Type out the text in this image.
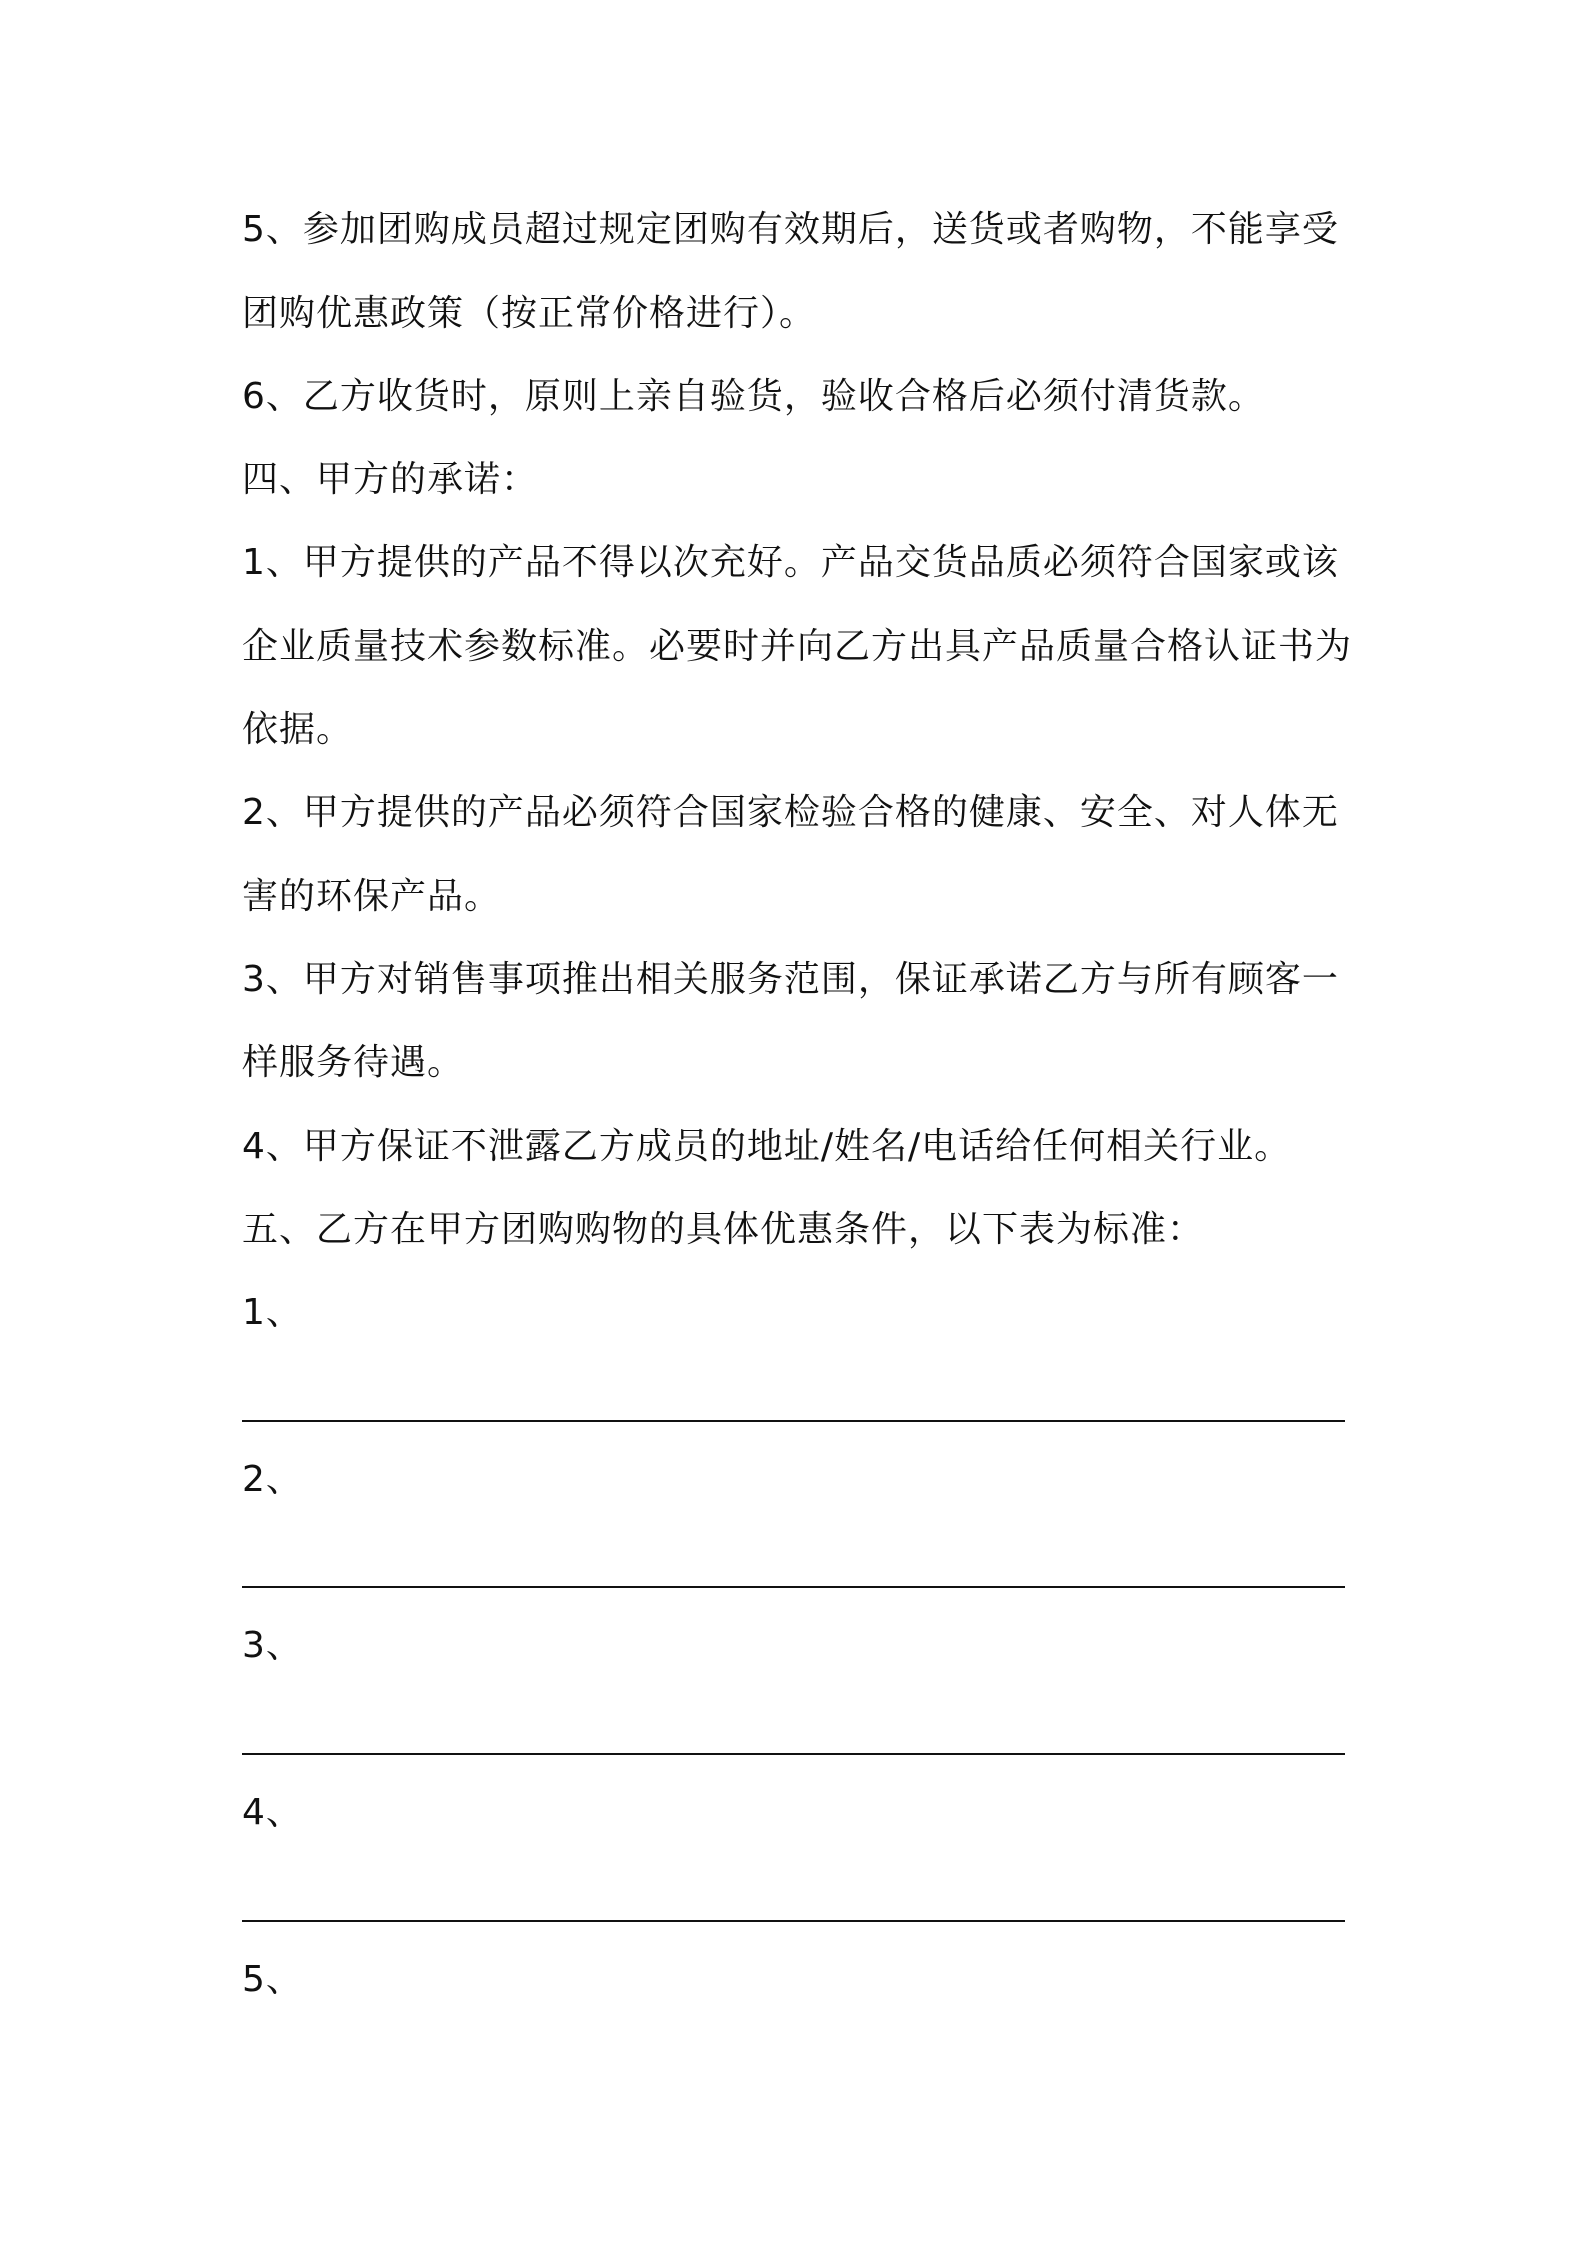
5、参加团购成员超过规定团购有效期后，送货或者购物，不能享受
团购优惠政策（按正常价格进行）。
6、乙方收货时，原则上亲自验货，验收合格后必须付清货款。
四、甲方的承诺：
1、甲方提供的产品不得以次充好。产品交货品质必须符合国家或该
企业质量技术参数标准。必要时并向乙方出具产品质量合格认证书为
依据。
2、甲方提供的产品必须符合国家检验合格的健康、安全、对人体无
害的环保产品。
3、甲方对销售事项推出相关服务范围，保证承诺乙方与所有顾客一
样服务待遇。
4、甲方保证不泄露乙方成员的地址/姓名/电话给任何相关行业。
五、乙方在甲方团购购物的具体优惠条件，以下表为标准：
1、
2、
3、
4、
5、
